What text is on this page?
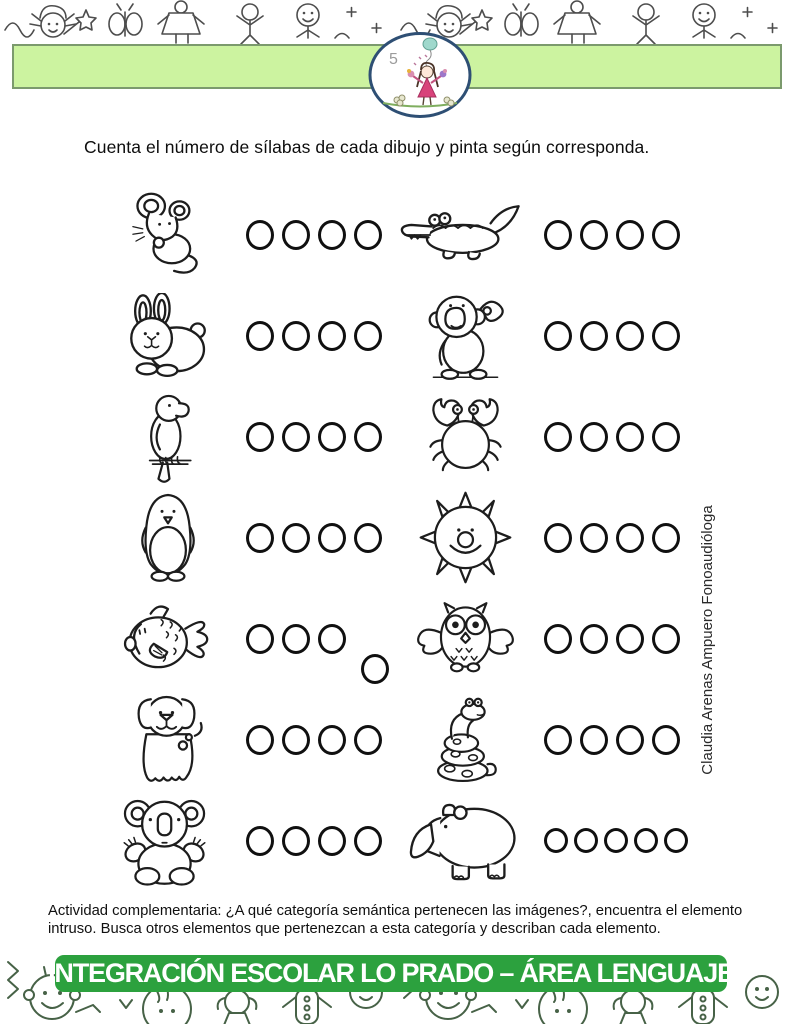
5
Cuenta el número de sílabas de cada dibujo y pinta según corresponda.
Claudia Arenas Ampuero Fonoaudióloga

Actividad complementaria: ¿A qué categoría semántica pertenecen las imágenes?, encuentra el elemento intruso. Busca otros elementos que pertenezcan a esta categoría y describan cada elemento.

INTEGRACIÓN ESCOLAR LO PRADO – ÁREA LENGUAJE
